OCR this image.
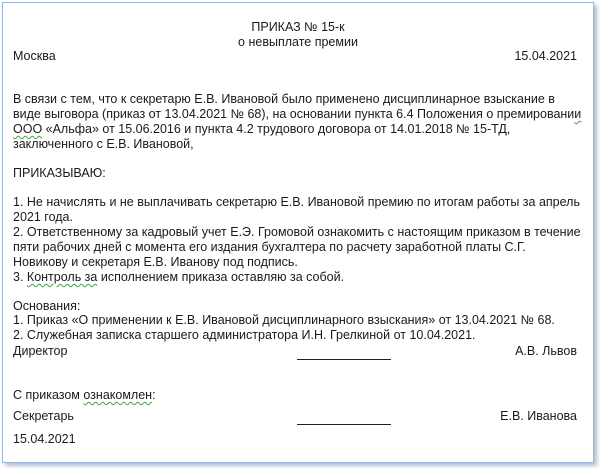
ПРИКАЗ № 15-к
о невыплате премии
Москва	15.04.2021
В связи с тем, что к секретарю Е.В. Ивановой было применено дисциплинарное взыскание в
виде выговора (приказ от 13.04.2021 № 68), на основании пункта 6.4 Положения о премировании
ООО «Альфа» от 15.06.2016 и пункта 4.2 трудового договора от 14.01.2018 № 15-ТД,
заключенного с Е.В. Ивановой,
ПРИКАЗЫВАЮ:
1. Не начислять и не выплачивать секретарю Е.В. Ивановой премию по итогам работы за апрель
2021 года.
2. Ответственному за кадровый учет Е.Э. Громовой ознакомить с настоящим приказом в течение
пяти рабочих дней с момента его издания бухгалтера по расчету заработной платы С.Г.
Новикову и секретаря Е.В. Иванову под подпись.
3. Контроль за исполнением приказа оставляю за собой.
Основания:
1. Приказ «О применении к Е.В. Ивановой дисциплинарного взыскания» от 13.04.2021 № 68.
2. Служебная записка старшего администратора И.Н. Грелкиной от 10.04.2021.
Директор	А.В. Львов
С приказом ознакомлен:
Секретарь	Е.В. Иванова
15.04.2021
